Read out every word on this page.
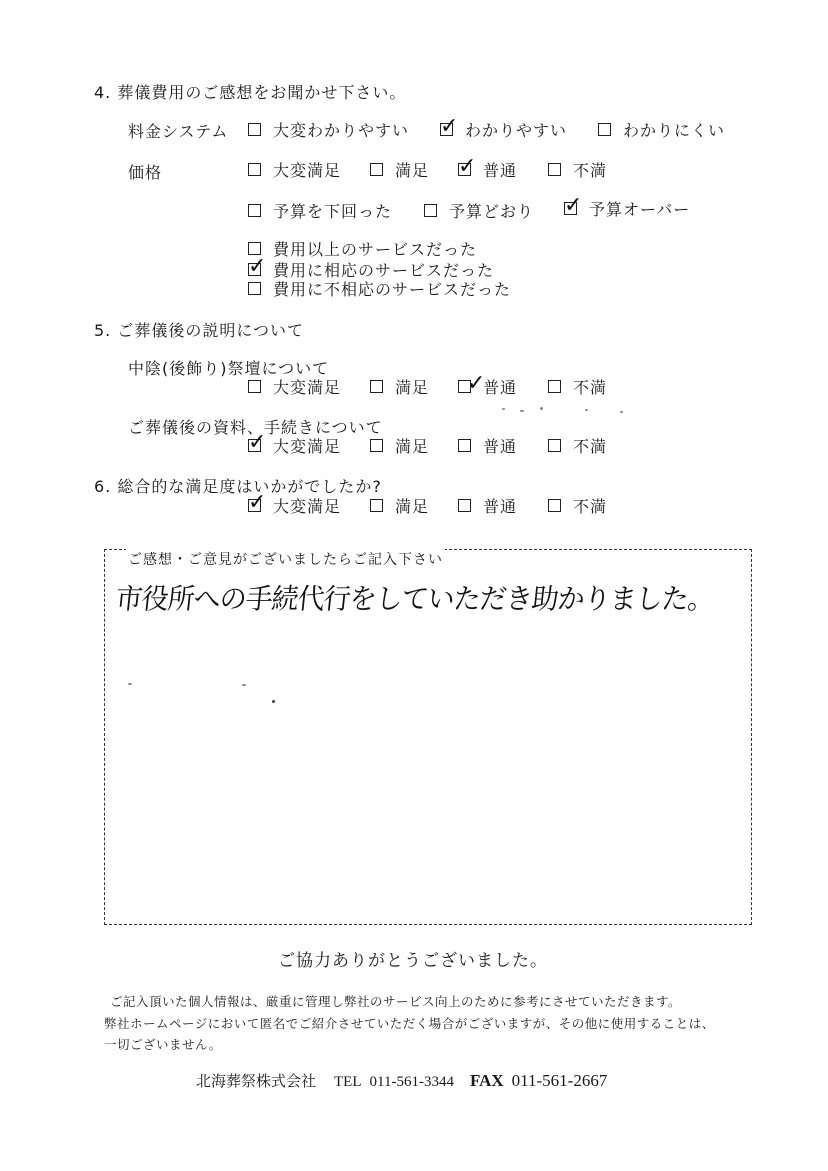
4. 葬儀費用のご感想をお聞かせ下さい。
料金システム	大変わかりやすい ✓ わかりやすい	わかりにくい
価格	大変満足	満足 ✓ 普通	不満
予算を下回った	予算どおり ✓ 予算オーバー
費用以上のサービスだった
✓ 費用に相応のサービスだった
費用に不相応のサービスだった
5. ご葬儀後の説明について
中陰(後飾り)祭壇について
大変満足	満足 ✓
普通	不満
ご葬儀後の資料、手続きについて
✓ 大変満足	満足	普通	不満
6. 総合的な満足度はいかがでしたか?
✓ 大変満足	満足	普通	不満
ご感想・ご意見がございましたらご記入下さい
市役所への手続代行をしていただき助かりました。
ご協力ありがとうございました。
ご記入頂いた個人情報は、厳重に管理し弊社のサービス向上のために参考にさせていただきます。
弊社ホームページにおいて匿名でご紹介させていただく場合がございますが、その他に使用することは、
一切ございません。
北海葬祭株式会社 TEL 011-561-3344 FAX 011-561-2667
